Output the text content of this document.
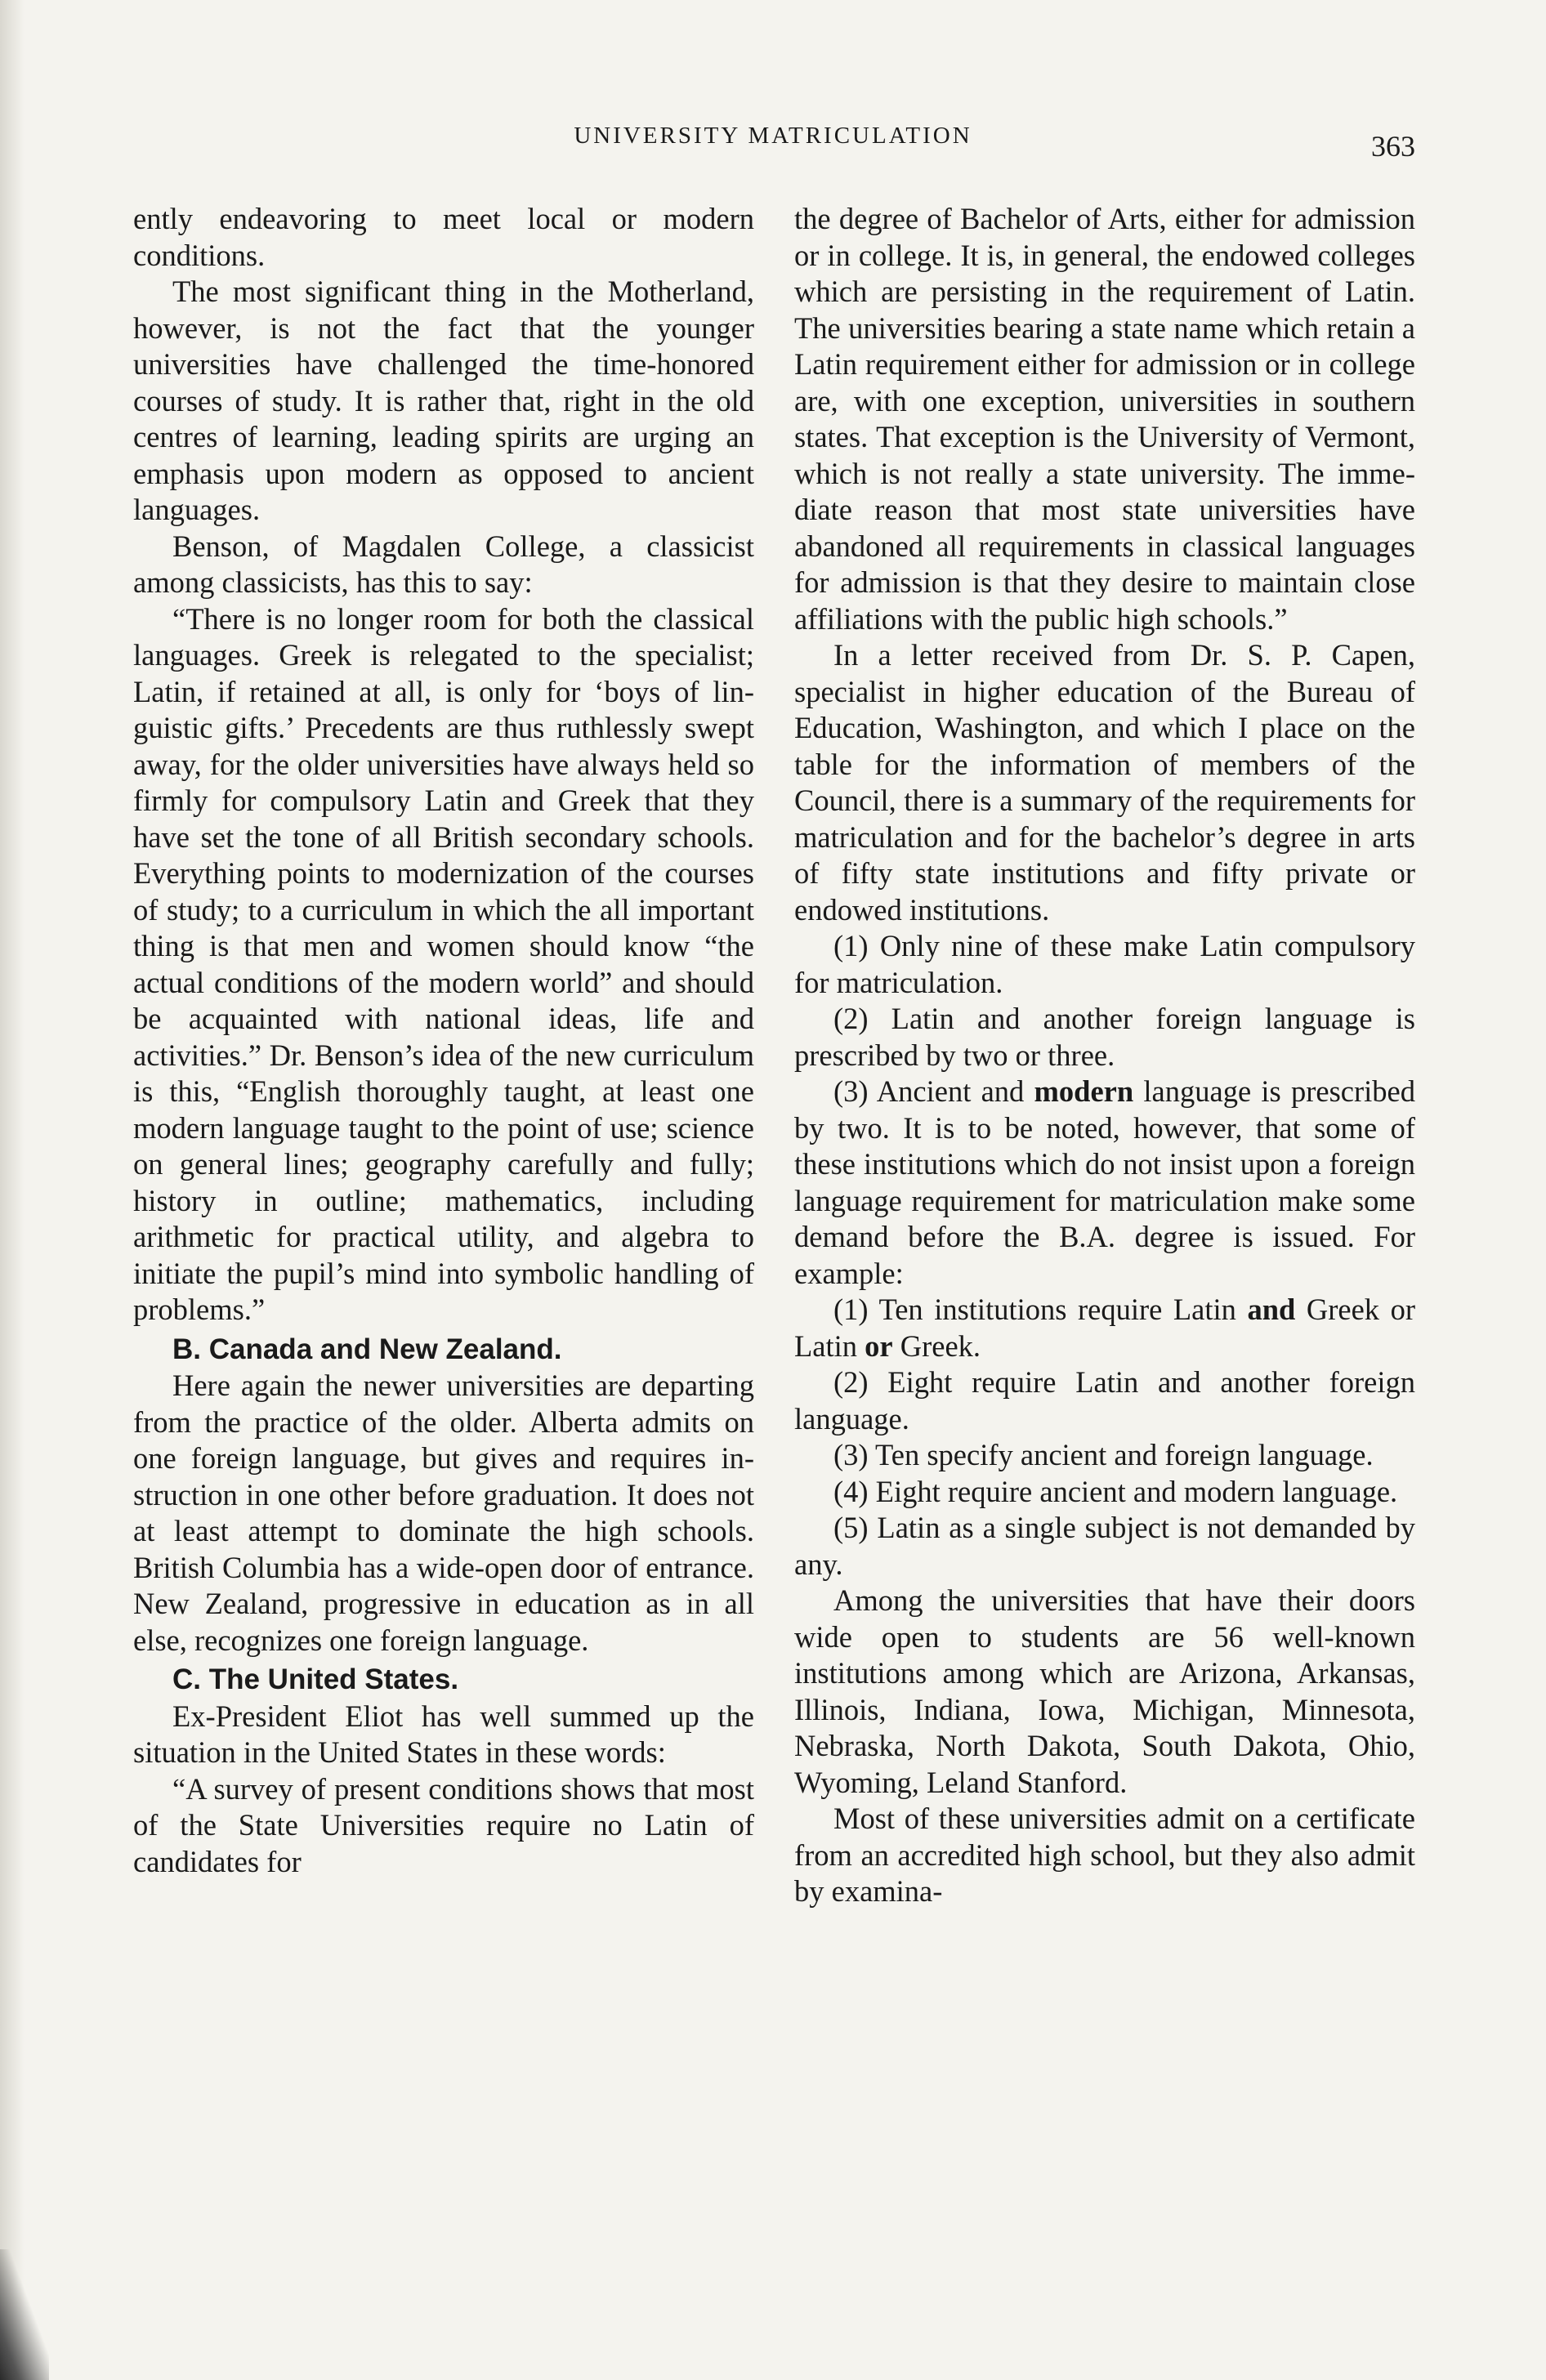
UNIVERSITY MATRICULATION	363

ently endeavoring to meet local or modern conditions.

The most significant thing in the Motherland, however, is not the fact that the younger universities have challenged the time-honored courses of study. It is rather that, right in the old centres of learning, leading spirits are urging an emphasis upon modern as opposed to ancient languages.

Benson, of Magdalen College, a classicist among classicists, has this to say:

“There is no longer room for both the classical languages. Greek is relegated to the specialist; Latin, if retained at all, is only for ‘boys of linguistic gifts.’ Precedents are thus ruthlessly swept away, for the older universities have always held so firmly for compulsory Latin and Greek that they have set the tone of all British secondary schools. Everything points to modernization of the courses of study; to a curriculum in which the all important thing is that men and women should know “the actual conditions of the modern world” and should be acquainted with national ideas, life and activities.” Dr. Benson’s idea of the new curriculum is this, “English thoroughly taught, at least one modern language taught to the point of use; science on general lines; geography carefully and fully; history in outline; mathematics, including arithmetic for practical utility, and algebra to initiate the pupil’s mind into symbolic handling of problems.”

B. Canada and New Zealand.

Here again the newer universities are departing from the practice of the older. Alberta admits on one foreign language, but gives and requires instruction in one other before graduation. It does not at least attempt to dominate the high schools. British Columbia has a wide-open door of entrance. New Zealand, progressive in education as in all else, recognizes one foreign language.

C. The United States.

Ex-President Eliot has well summed up the situation in the United States in these words:

“A survey of present conditions shows that most of the State Universities require no Latin of candidates for

the degree of Bachelor of Arts, either for admission or in college. It is, in general, the endowed colleges which are persisting in the requirement of Latin. The universities bearing a state name which retain a Latin requirement either for admission or in college are, with one exception, universities in southern states. That exception is the University of Vermont, which is not really a state university. The immediate reason that most state universities have abandoned all requirements in classical languages for admission is that they desire to maintain close affiliations with the public high schools.”

In a letter received from Dr. S. P. Capen, specialist in higher education of the Bureau of Education, Washington, and which I place on the table for the information of members of the Council, there is a summary of the requirements for matriculation and for the bachelor’s degree in arts of fifty state institutions and fifty private or endowed institutions.

(1) Only nine of these make Latin compulsory for matriculation.

(2) Latin and another foreign language is prescribed by two or three.

(3) Ancient and modern language is prescribed by two. It is to be noted, however, that some of these institutions which do not insist upon a foreign language requirement for matriculation make some demand before the B.A. degree is issued. For example:

(1) Ten institutions require Latin and Greek or Latin or Greek.

(2) Eight require Latin and another foreign language.

(3) Ten specify ancient and foreign language.

(4) Eight require ancient and modern language.

(5) Latin as a single subject is not demanded by any.

Among the universities that have their doors wide open to students are 56 well-known institutions among which are Arizona, Arkansas, Illinois, Indiana, Iowa, Michigan, Minnesota, Nebraska, North Dakota, South Dakota, Ohio, Wyoming, Leland Stanford.

Most of these universities admit on a certificate from an accredited high school, but they also admit by examina-
